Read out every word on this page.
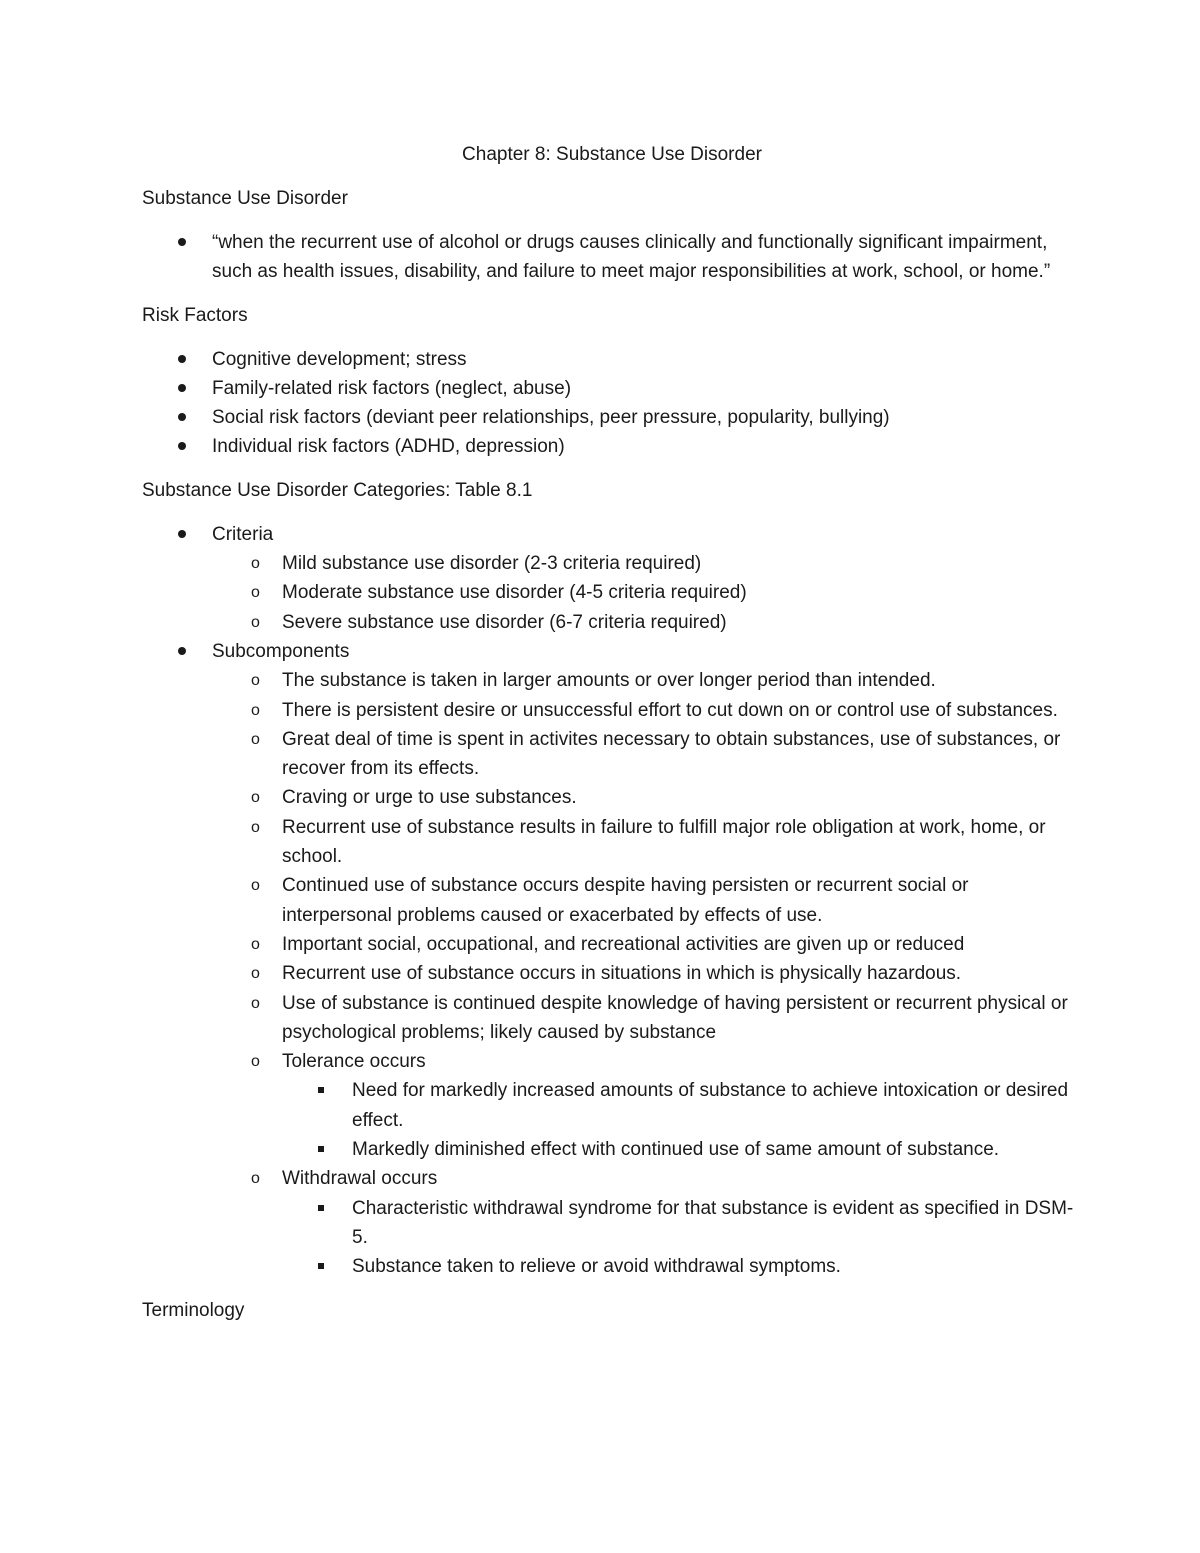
Chapter 8: Substance Use Disorder
Substance Use Disorder
“when the recurrent use of alcohol or drugs causes clinically and functionally significant impairment, such as health issues, disability, and failure to meet major responsibilities at work, school, or home.”
Risk Factors
Cognitive development; stress
Family-related risk factors (neglect, abuse)
Social risk factors (deviant peer relationships, peer pressure, popularity, bullying)
Individual risk factors (ADHD, depression)
Substance Use Disorder Categories: Table 8.1
Criteria
o Mild substance use disorder (2-3 criteria required)
o Moderate substance use disorder (4-5 criteria required)
o Severe substance use disorder (6-7 criteria required)
Subcomponents
o The substance is taken in larger amounts or over longer period than intended.
o There is persistent desire or unsuccessful effort to cut down on or control use of substances.
o Great deal of time is spent in activites necessary to obtain substances, use of substances, or recover from its effects.
o Craving or urge to use substances.
o Recurrent use of substance results in failure to fulfill major role obligation at work, home, or school.
o Continued use of substance occurs despite having persisten or recurrent social or interpersonal problems caused or exacerbated by effects of use.
o Important social, occupational, and recreational activities are given up or reduced
o Recurrent use of substance occurs in situations in which is physically hazardous.
o Use of substance is continued despite knowledge of having persistent or recurrent physical or psychological problems; likely caused by substance
o Tolerance occurs
Need for markedly increased amounts of substance to achieve intoxication or desired effect.
Markedly diminished effect with continued use of same amount of substance.
o Withdrawal occurs
Characteristic withdrawal syndrome for that substance is evident as specified in DSM-5.
Substance taken to relieve or avoid withdrawal symptoms.
Terminology
